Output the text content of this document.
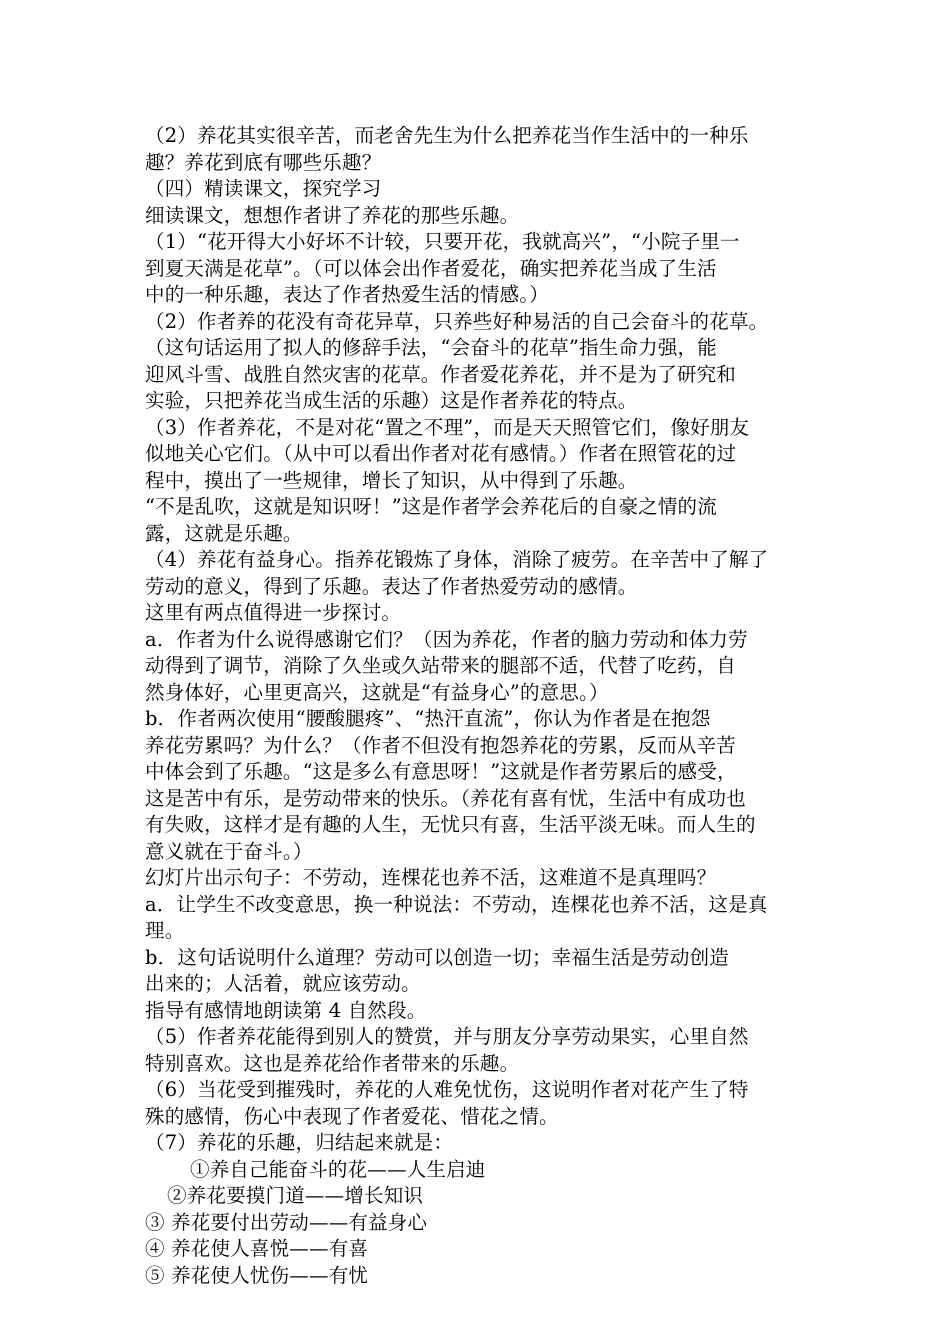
（2）养花其实很辛苦，而老舍先生为什么把养花当作生活中的一种乐
趣？养花到底有哪些乐趣？
（四）精读课文，探究学习
细读课文，想想作者讲了养花的那些乐趣。
（1）“花开得大小好坏不计较，只要开花，我就高兴”，“小院子里一
到夏天满是花草”。（可以体会出作者爱花，确实把养花当成了生活
中的一种乐趣，表达了作者热爱生活的情感。）
（2）作者养的花没有奇花异草，只养些好种易活的自己会奋斗的花草。
（这句话运用了拟人的修辞手法，“会奋斗的花草”指生命力强，能
迎风斗雪、战胜自然灾害的花草。作者爱花养花，并不是为了研究和
实验，只把养花当成生活的乐趣）这是作者养花的特点。
（3）作者养花，不是对花“置之不理”，而是天天照管它们，像好朋友
似地关心它们。（从中可以看出作者对花有感情。）作者在照管花的过
程中，摸出了一些规律，增长了知识，从中得到了乐趣。
“不是乱吹，这就是知识呀！”这是作者学会养花后的自豪之情的流
露，这就是乐趣。
（4）养花有益身心。指养花锻炼了身体，消除了疲劳。在辛苦中了解了
劳动的意义，得到了乐趣。表达了作者热爱劳动的感情。
这里有两点值得进一步探讨。
a．作者为什么说得感谢它们？（因为养花，作者的脑力劳动和体力劳
动得到了调节，消除了久坐或久站带来的腿部不适，代替了吃药，自
然身体好，心里更高兴，这就是“有益身心”的意思。）
b．作者两次使用“腰酸腿疼”、“热汗直流”，你认为作者是在抱怨
养花劳累吗？为什么？（作者不但没有抱怨养花的劳累，反而从辛苦
中体会到了乐趣。“这是多么有意思呀！”这就是作者劳累后的感受，
这是苦中有乐，是劳动带来的快乐。（养花有喜有忧，生活中有成功也
有失败，这样才是有趣的人生，无忧只有喜，生活平淡无味。而人生的
意义就在于奋斗。）
幻灯片出示句子：不劳动，连棵花也养不活，这难道不是真理吗？
a．让学生不改变意思，换一种说法：不劳动，连棵花也养不活，这是真
理。
b．这句话说明什么道理？劳动可以创造一切；幸福生活是劳动创造
出来的；人活着，就应该劳动。
指导有感情地朗读第 4 自然段。
（5）作者养花能得到别人的赞赏，并与朋友分享劳动果实，心里自然
特别喜欢。这也是养花给作者带来的乐趣。
（6）当花受到摧残时，养花的人难免忧伤，这说明作者对花产生了特
殊的感情，伤心中表现了作者爱花、惜花之情。
（7）养花的乐趣，归结起来就是：
①养自己能奋斗的花——人生启迪
②养花要摸门道——增长知识
③ 养花要付出劳动——有益身心
④ 养花使人喜悦——有喜
⑤ 养花使人忧伤——有忧
